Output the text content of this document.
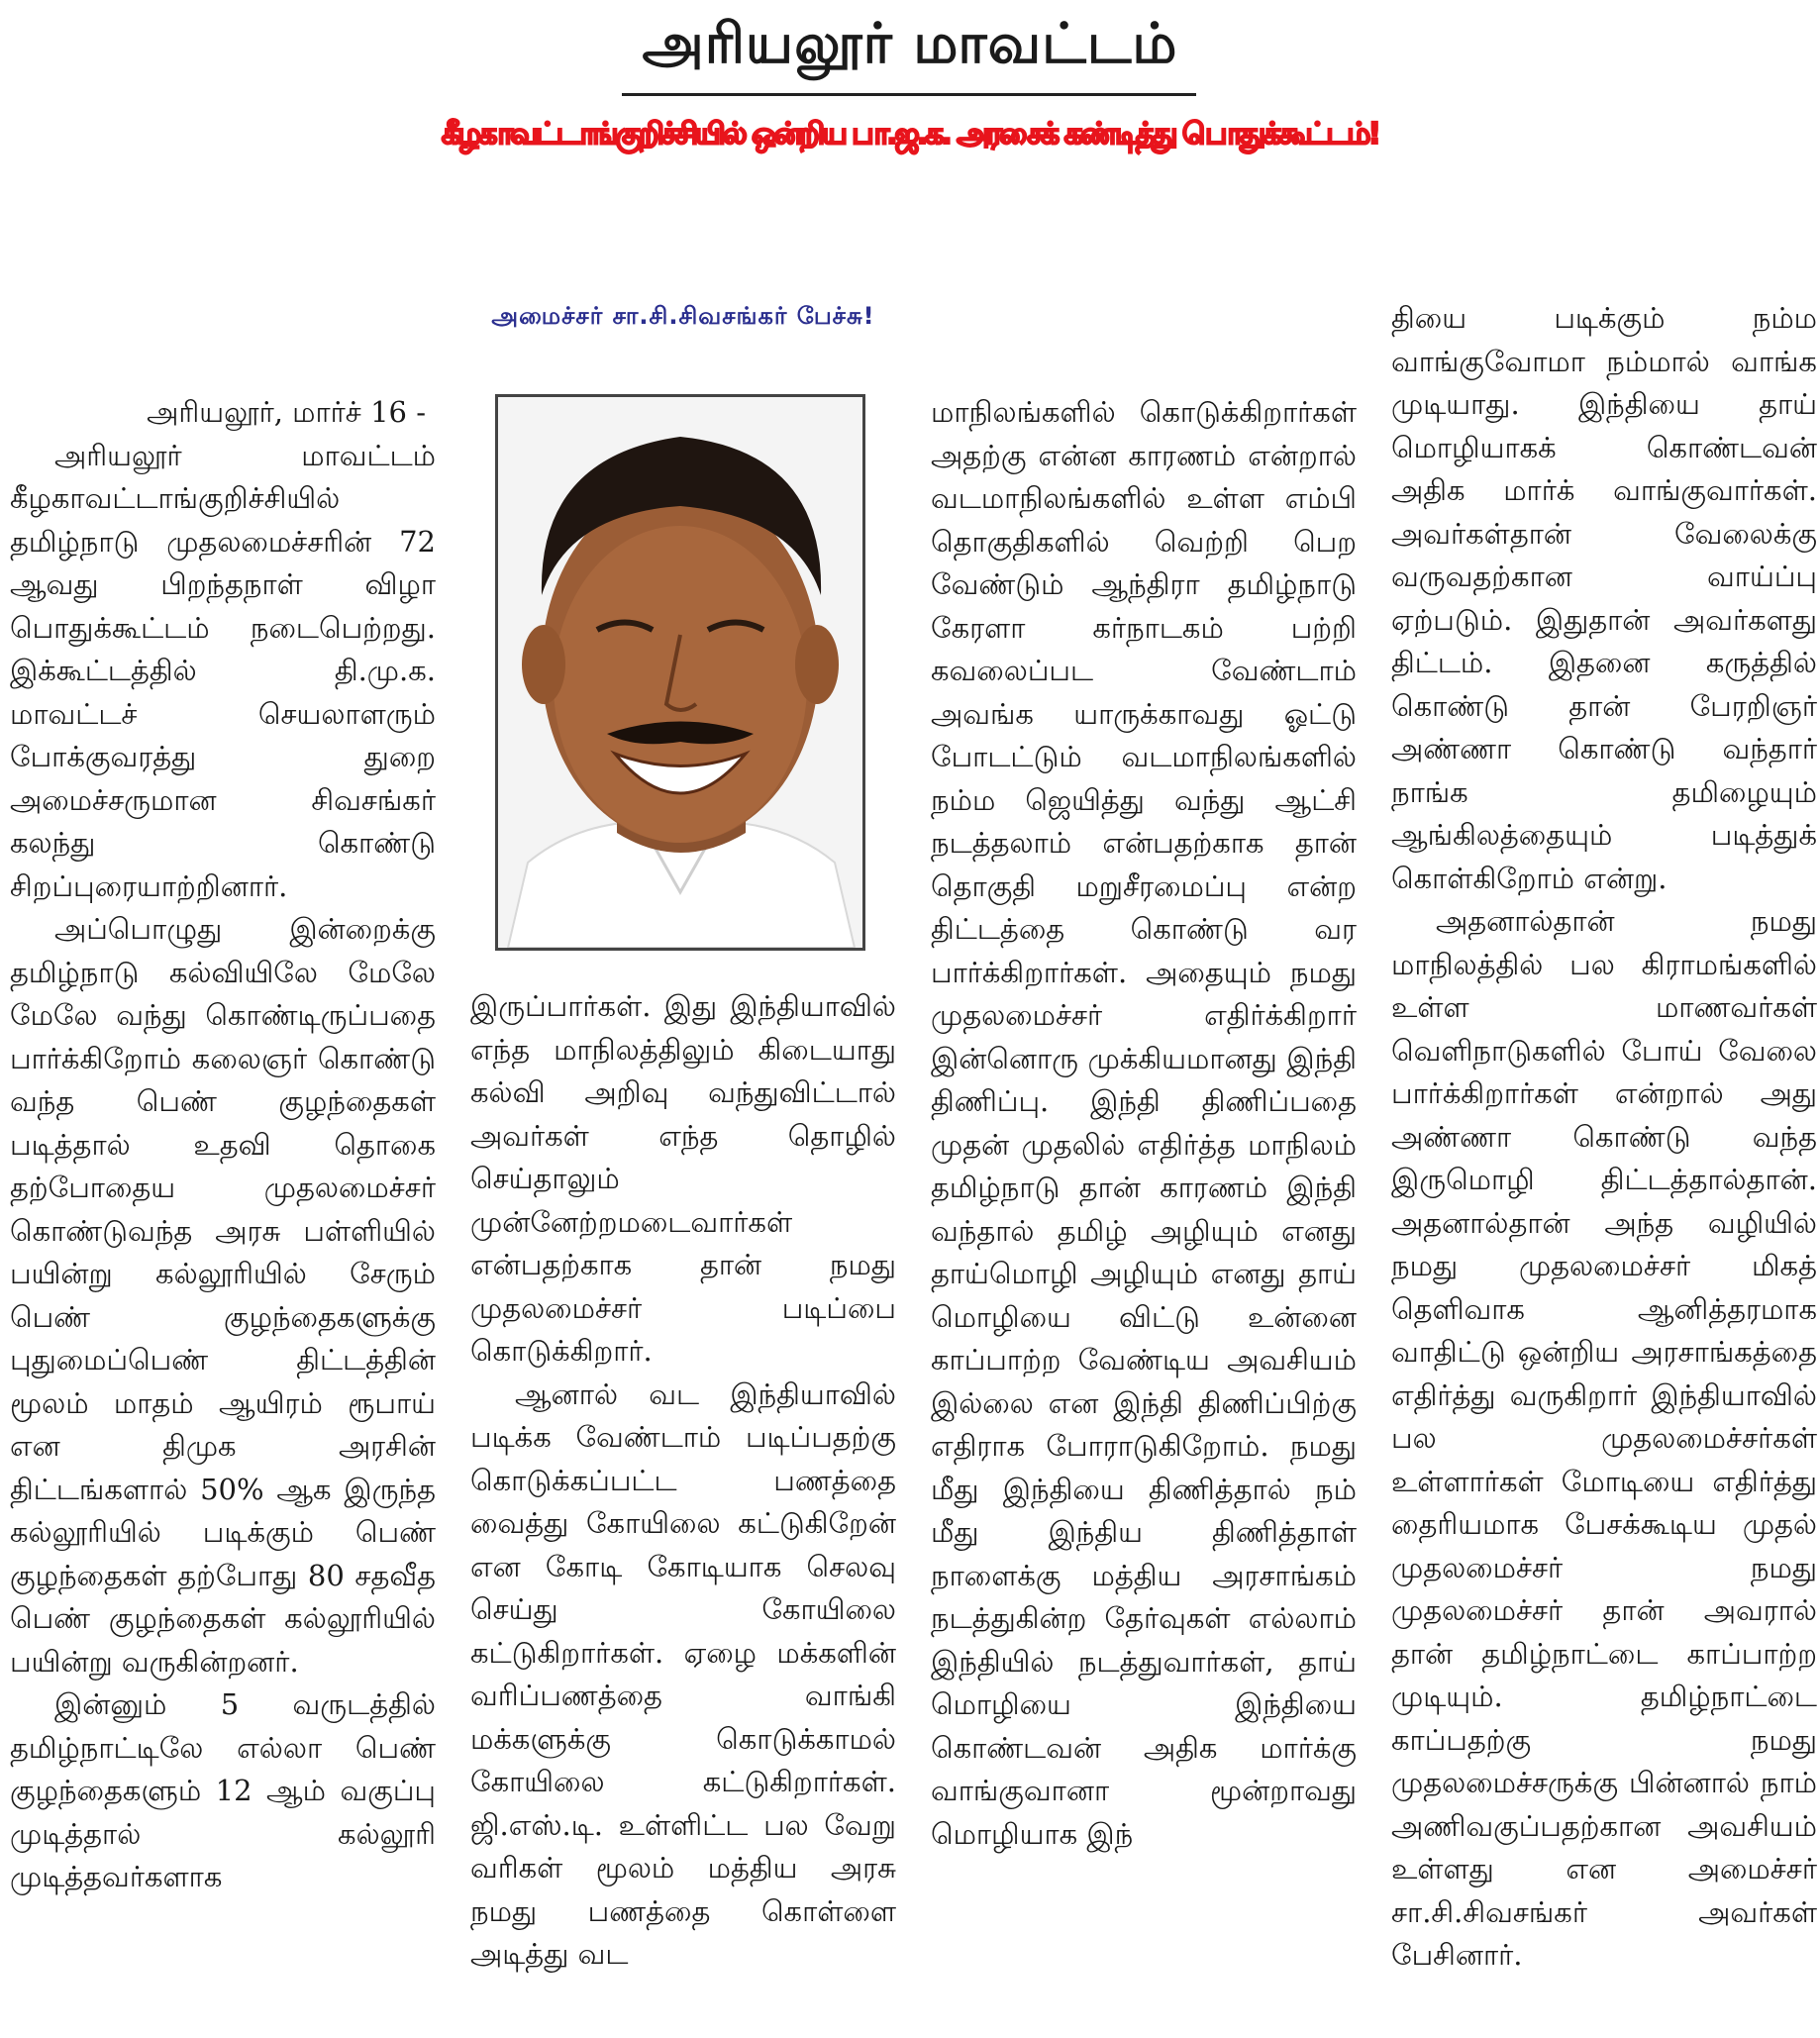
அரியலூர் மாவட்டம்
கீழகாவட்டாங்குறிச்சியில் ஒன்றிய பா.ஜ.க. அரசைக் கண்டித்து பொதுக்கூட்டம்!
அமைச்சர் சா.சி.சிவசங்கர் பேச்சு!

அரியலூர், மார்ச் 16 -

அரியலூர் மாவட்டம் கீழகாவட்டாங்குறிச்சியில் தமிழ்நாடு முதலமைச்சரின் 72 ஆவது பிறந்தநாள் விழா பொதுக்கூட்டம் நடைபெற்றது. இக்கூட்டத்தில் தி.மு.க. மாவட்டச் செயலாளரும் போக்குவரத்து துறை அமைச்சருமான சிவசங்கர் கலந்து கொண்டு சிறப்புரையாற்றினார்.

அப்பொழுது இன்றைக்கு தமிழ்நாடு கல்வியிலே மேலே மேலே வந்து கொண்டிருப்பதை பார்க்கிறோம் கலைஞர் கொண்டு வந்த பெண் குழந்தைகள் படித்தால் உதவி தொகை தற்போதைய முதலமைச்சர் கொண்டுவந்த அரசு பள்ளியில் பயின்று கல்லூரியில் சேரும் பெண் குழந்தைகளுக்கு புதுமைப்பெண் திட்டத்தின் மூலம் மாதம் ஆயிரம் ரூபாய் என திமுக அரசின் திட்டங்களால் 50% ஆக இருந்த கல்லூரியில் படிக்கும் பெண் குழந்தைகள் தற்போது 80 சதவீத பெண் குழந்தைகள் கல்லூரியில் பயின்று வருகின்றனர்.

இன்னும் 5 வருடத்தில் தமிழ்நாட்டிலே எல்லா பெண் குழந்தைகளும் 12 ஆம் வகுப்பு முடித்தால் கல்லூரி முடித்தவர்களாக

இருப்பார்கள். இது இந்தியாவில் எந்த மாநிலத்திலும் கிடையாது கல்வி அறிவு வந்துவிட்டால் அவர்கள் எந்த தொழில் செய்தாலும் முன்னேற்றமடைவார்கள் என்பதற்காக தான் நமது முதலமைச்சர் படிப்பை கொடுக்கிறார்.

ஆனால் வட இந்தியாவில் படிக்க வேண்டாம் படிப்பதற்கு கொடுக்கப்பட்ட பணத்தை வைத்து கோயிலை கட்டுகிறேன் என கோடி கோடியாக செலவு செய்து கோயிலை கட்டுகிறார்கள். ஏழை மக்களின் வரிப்பணத்தை வாங்கி மக்களுக்கு கொடுக்காமல் கோயிலை கட்டுகிறார்கள். ஜி.எஸ்.டி. உள்ளிட்ட பல வேறு வரிகள் மூலம் மத்திய அரசு நமது பணத்தை கொள்ளை அடித்து வட

மாநிலங்களில் கொடுக்கிறார்கள் அதற்கு என்ன காரணம் என்றால் வடமாநிலங்களில் உள்ள எம்பி தொகுதிகளில் வெற்றி பெற வேண்டும் ஆந்திரா தமிழ்நாடு கேரளா கர்நாடகம் பற்றி கவலைப்பட வேண்டாம் அவங்க யாருக்காவது ஓட்டு போடட்டும் வடமாநிலங்களில் நம்ம ஜெயித்து வந்து ஆட்சி நடத்தலாம் என்பதற்காக தான் தொகுதி மறுசீரமைப்பு என்ற திட்டத்தை கொண்டு வர பார்க்கிறார்கள். அதையும் நமது முதலமைச்சர் எதிர்க்கிறார் இன்னொரு முக்கியமானது இந்தி திணிப்பு. இந்தி திணிப்பதை முதன் முதலில் எதிர்த்த மாநிலம் தமிழ்நாடு தான் காரணம் இந்தி வந்தால் தமிழ் அழியும் எனது தாய்மொழி அழியும் எனது தாய் மொழியை விட்டு உன்னை காப்பாற்ற வேண்டிய அவசியம் இல்லை என இந்தி திணிப்பிற்கு எதிராக போராடுகிறோம். நமது மீது இந்தியை திணித்தால் நம் மீது இந்திய திணித்தாள் நாளைக்கு மத்திய அரசாங்கம் நடத்துகின்ற தேர்வுகள் எல்லாம் இந்தியில் நடத்துவார்கள், தாய் மொழியை இந்தியை கொண்டவன் அதிக மார்க்கு வாங்குவானா மூன்றாவது மொழியாக இந்

தியை படிக்கும் நம்ம வாங்குவோமா நம்மால் வாங்க முடியாது. இந்தியை தாய் மொழியாகக் கொண்டவன் அதிக மார்க் வாங்குவார்கள். அவர்கள்தான் வேலைக்கு வருவதற்கான வாய்ப்பு ஏற்படும். இதுதான் அவர்களது திட்டம். இதனை கருத்தில் கொண்டு தான் பேரறிஞர் அண்ணா கொண்டு வந்தார் நாங்க தமிழையும் ஆங்கிலத்தையும் படித்துக் கொள்கிறோம் என்று.

அதனால்தான் நமது மாநிலத்தில் பல கிராமங்களில் உள்ள மாணவர்கள் வெளிநாடுகளில் போய் வேலை பார்க்கிறார்கள் என்றால் அது அண்ணா கொண்டு வந்த இருமொழி திட்டத்தால்தான். அதனால்தான் அந்த வழியில் நமது முதலமைச்சர் மிகத் தெளிவாக ஆனித்தரமாக வாதிட்டு ஒன்றிய அரசாங்கத்தை எதிர்த்து வருகிறார் இந்தியாவில் பல முதலமைச்சர்கள் உள்ளார்கள் மோடியை எதிர்த்து தைரியமாக பேசக்கூடிய முதல் முதலமைச்சர் நமது முதலமைச்சர் தான் அவரால் தான் தமிழ்நாட்டை காப்பாற்ற முடியும். தமிழ்நாட்டை காப்பதற்கு நமது முதலமைச்சருக்கு பின்னால் நாம் அணிவகுப்பதற்கான அவசியம் உள்ளது என அமைச்சர் சா.சி.சிவசங்கர் அவர்கள் பேசினார்.
